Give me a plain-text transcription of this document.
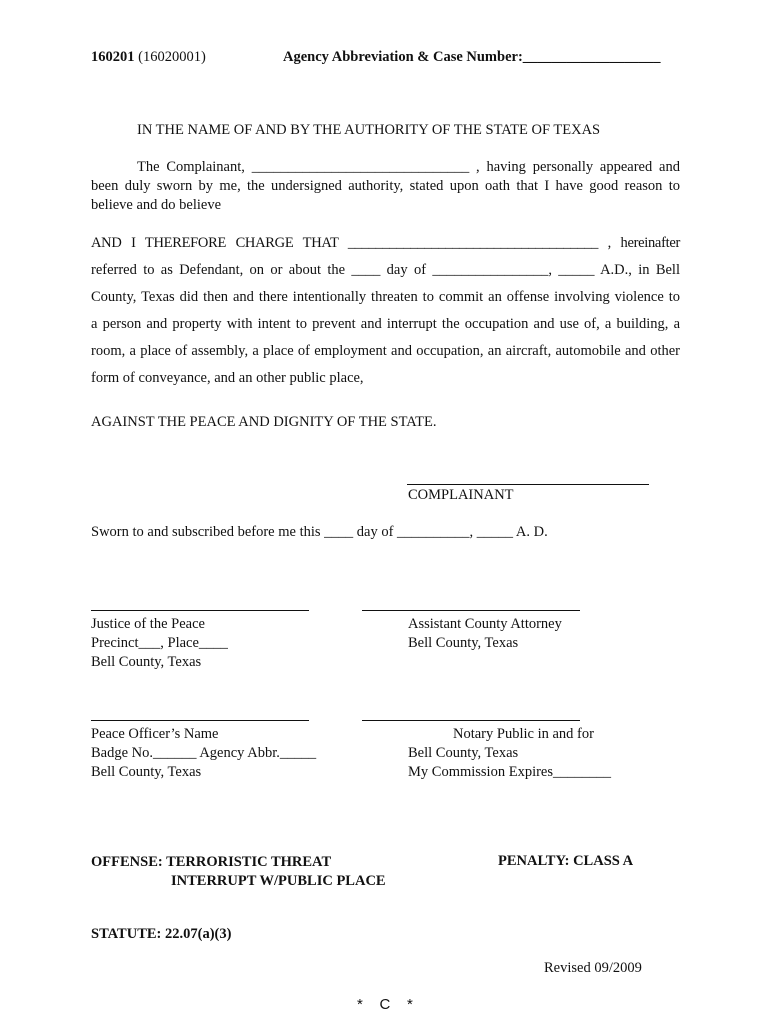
160201 (16020001)	Agency Abbreviation & Case Number:___________________
IN THE NAME OF AND BY THE AUTHORITY OF THE STATE OF TEXAS
The Complainant, ______________________________ , having personally appeared and
been duly sworn by me, the undersigned authority, stated upon oath that I have good reason to
believe and do believe
AND I THEREFORE CHARGE THAT ____________________________________ , hereinafter
referred to as Defendant, on or about the ____ day of ________________, _____ A.D., in Bell
County, Texas did then and there intentionally threaten to commit an offense involving violence to
a person and property with intent to prevent and interrupt the occupation and use of, a building, a
room, a place of assembly, a place of employment and occupation, an aircraft, automobile and other
form of conveyance, and an other public place,
AGAINST THE PEACE AND DIGNITY OF THE STATE.
COMPLAINANT
Sworn to and subscribed before me this ____ day of __________, _____ A. D.
Justice of the Peace
Precinct___, Place____
Bell County, Texas
Assistant County Attorney
Bell County, Texas
Peace Officer’s Name
Badge No.______ Agency Abbr._____
Bell County, Texas
Notary Public in and for
Bell County, Texas
My Commission Expires________
OFFENSE: TERRORISTIC THREAT
INTERRUPT W/PUBLIC PLACE
PENALTY: CLASS A
STATUTE: 22.07(a)(3)
Revised 09/2009
*    C    *
